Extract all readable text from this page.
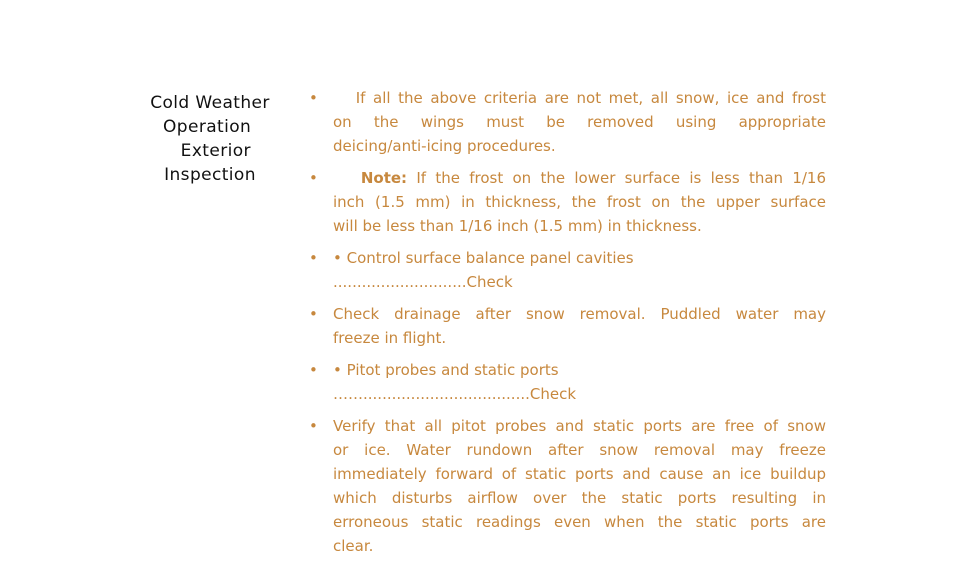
Cold Weather
Operation
Exterior
Inspection
•	If all the above criteria are not met, all snow, ice and frost
on the wings must be removed using appropriate
deicing/anti-icing procedures.
•	Note: If the frost on the lower surface is less than 1/16
inch (1.5 mm) in thickness, the frost on the upper surface
will be less than 1/16 inch (1.5 mm) in thickness.
•	• Control surface balance panel cavities
............................Check
•	Check drainage after snow removal. Puddled water may
freeze in flight.
•	• Pitot probes and static ports
……...................................Check
•	Verify that all pitot probes and static ports are free of snow
or ice. Water rundown after snow removal may freeze
immediately forward of static ports and cause an ice buildup
which disturbs airflow over the static ports resulting in
erroneous static readings even when the static ports are
clear.
